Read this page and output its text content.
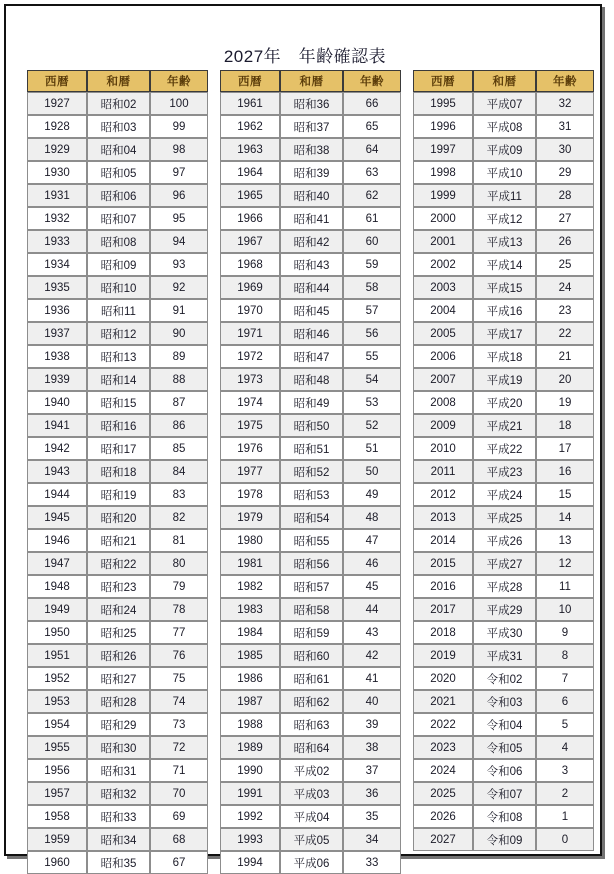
2027年　年齢確認表
西暦	和暦	年齢
1927	昭和02	100
1928	昭和03	99
1929	昭和04	98
1930	昭和05	97
1931	昭和06	96
1932	昭和07	95
1933	昭和08	94
1934	昭和09	93
1935	昭和10	92
1936	昭和11	91
1937	昭和12	90
1938	昭和13	89
1939	昭和14	88
1940	昭和15	87
1941	昭和16	86
1942	昭和17	85
1943	昭和18	84
1944	昭和19	83
1945	昭和20	82
1946	昭和21	81
1947	昭和22	80
1948	昭和23	79
1949	昭和24	78
1950	昭和25	77
1951	昭和26	76
1952	昭和27	75
1953	昭和28	74
1954	昭和29	73
1955	昭和30	72
1956	昭和31	71
1957	昭和32	70
1958	昭和33	69
1959	昭和34	68
1960	昭和35	67
西暦	和暦	年齢
1961	昭和36	66
1962	昭和37	65
1963	昭和38	64
1964	昭和39	63
1965	昭和40	62
1966	昭和41	61
1967	昭和42	60
1968	昭和43	59
1969	昭和44	58
1970	昭和45	57
1971	昭和46	56
1972	昭和47	55
1973	昭和48	54
1974	昭和49	53
1975	昭和50	52
1976	昭和51	51
1977	昭和52	50
1978	昭和53	49
1979	昭和54	48
1980	昭和55	47
1981	昭和56	46
1982	昭和57	45
1983	昭和58	44
1984	昭和59	43
1985	昭和60	42
1986	昭和61	41
1987	昭和62	40
1988	昭和63	39
1989	昭和64	38
1990	平成02	37
1991	平成03	36
1992	平成04	35
1993	平成05	34
1994	平成06	33
西暦	和暦	年齢
1995	平成07	32
1996	平成08	31
1997	平成09	30
1998	平成10	29
1999	平成11	28
2000	平成12	27
2001	平成13	26
2002	平成14	25
2003	平成15	24
2004	平成16	23
2005	平成17	22
2006	平成18	21
2007	平成19	20
2008	平成20	19
2009	平成21	18
2010	平成22	17
2011	平成23	16
2012	平成24	15
2013	平成25	14
2014	平成26	13
2015	平成27	12
2016	平成28	11
2017	平成29	10
2018	平成30	9
2019	平成31	8
2020	令和02	7
2021	令和03	6
2022	令和04	5
2023	令和05	4
2024	令和06	3
2025	令和07	2
2026	令和08	1
2027	令和09	0
